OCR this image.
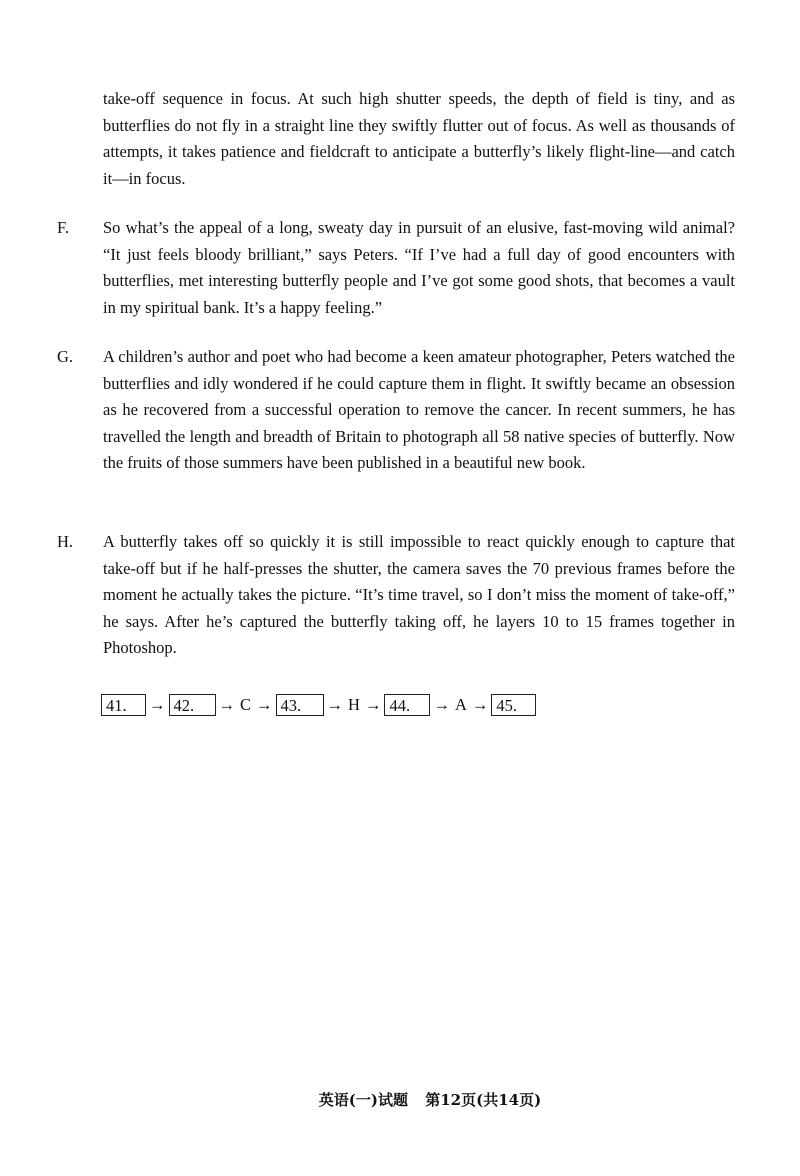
take-off sequence in focus. At such high shutter speeds, the depth of field is tiny, and as butterflies do not fly in a straight line they swiftly flutter out of focus. As well as thousands of attempts, it takes patience and fieldcraft to anticipate a butterfly’s likely flight-line—and catch it—in focus.
F. So what’s the appeal of a long, sweaty day in pursuit of an elusive, fast-moving wild animal? “It just feels bloody brilliant,” says Peters. “If I’ve had a full day of good encounters with butterflies, met interesting butterfly people and I’ve got some good shots, that becomes a vault in my spiritual bank. It’s a happy feeling.”
G. A children’s author and poet who had become a keen amateur photographer, Peters watched the butterflies and idly wondered if he could capture them in flight. It swiftly became an obsession as he recovered from a successful operation to remove the cancer. In recent summers, he has travelled the length and breadth of Britain to photograph all 58 native species of butterfly. Now the fruits of those summers have been published in a beautiful new book.
H. A butterfly takes off so quickly it is still impossible to react quickly enough to capture that take-off but if he half-presses the shutter, the camera saves the 70 previous frames before the moment he actually takes the picture. “It’s time travel, so I don’t miss the moment of take-off,” he says. After he’s captured the butterfly taking off, he layers 10 to 15 frames together in Photoshop.
41.	→ 42.	→ C → 43.	→ H → 44.	→ A → 45.
英语(一)试题 第12页(共14页)
